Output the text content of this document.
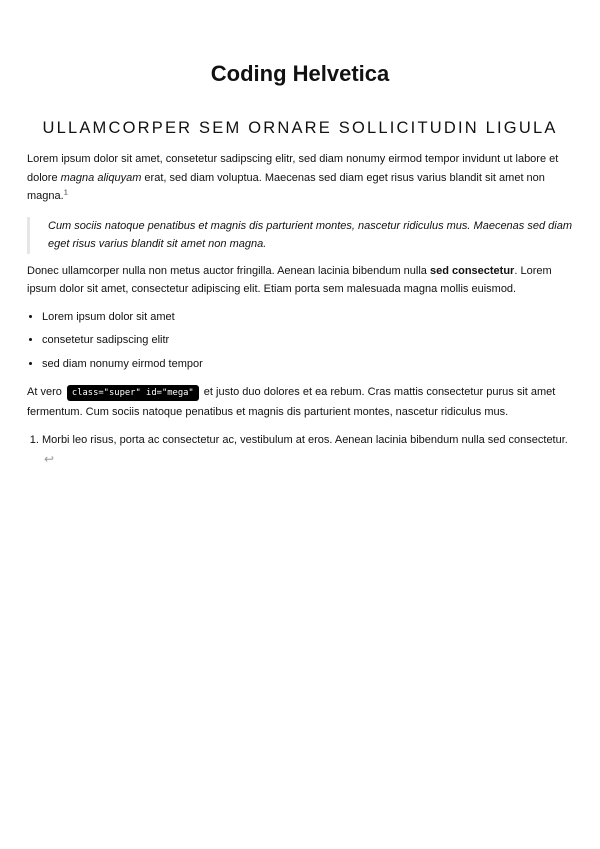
Coding Helvetica
ULLAMCORPER SEM ORNARE SOLLICITUDIN LIGULA

Lorem ipsum dolor sit amet, consetetur sadipscing elitr, sed diam nonumy eirmod tempor invidunt ut labore et dolore magna aliquyam erat, sed diam voluptua. Maecenas sed diam eget risus varius blandit sit amet non magna.$^1$

Cum sociis natoque penatibus et magnis dis parturient montes, nascetur ridiculus mus. Maecenas sed diam eget risus varius blandit sit amet non magna.

Donec ullamcorper nulla non metus auctor fringilla. Aenean lacinia bibendum nulla sed consectetur. Lorem ipsum dolor sit amet, consectetur adipiscing elit. Etiam porta sem malesuada magna mollis euismod.

• Lorem ipsum dolor sit amet
• consetetur sadipscing elitr
• sed diam nonumy eirmod tempor

At vero class="super" id="mega" et justo duo dolores et ea rebum. Cras mattis consectetur purus sit amet fermentum. Cum sociis natoque penatibus et magnis dis parturient montes, nascetur ridiculus mus.

1. Morbi leo risus, porta ac consectetur ac, vestibulum at eros. Aenean lacinia bibendum nulla sed consectetur. ↩
